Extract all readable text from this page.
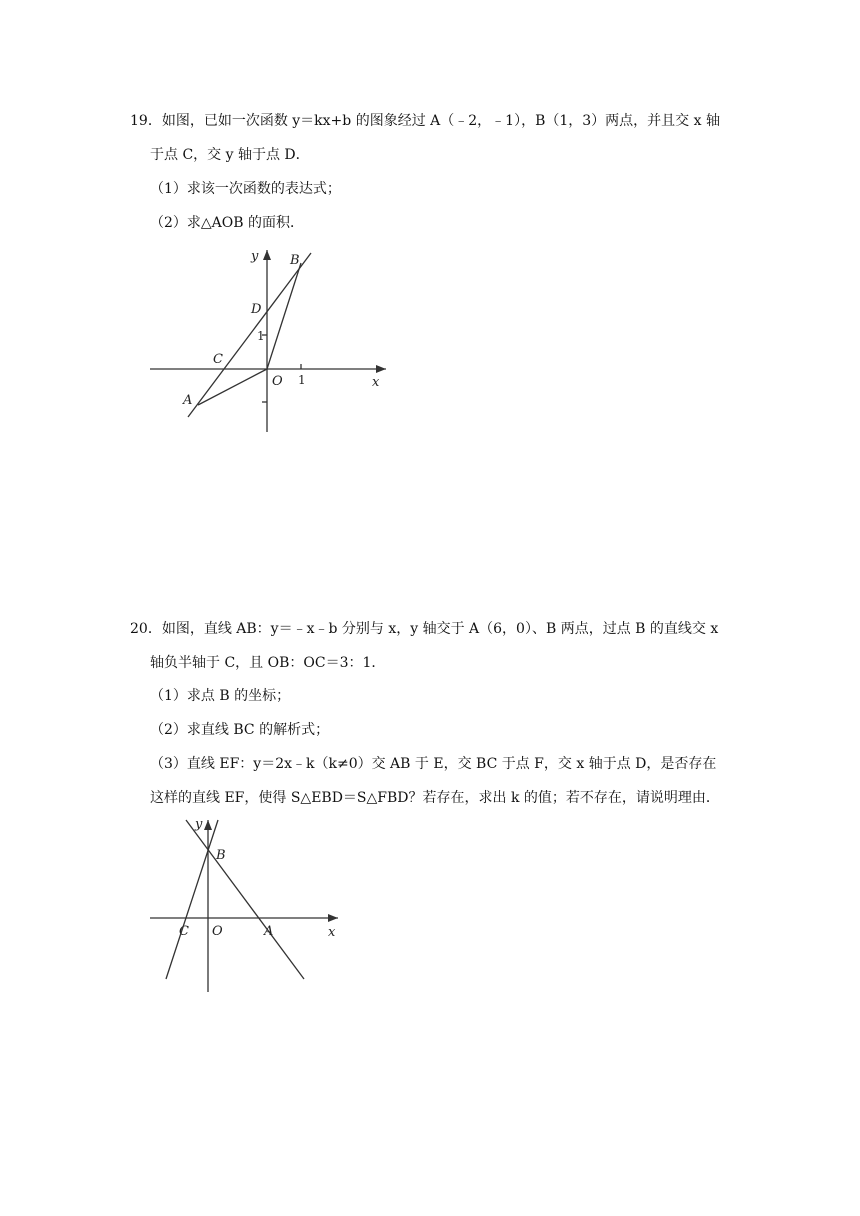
19．如图，已如一次函数 y＝kx+b 的图象经过 A（﹣2，﹣1），B（1，3）两点，并且交 x 轴
于点 C，交 y 轴于点 D．
（1）求该一次函数的表达式；
（2）求△AOB 的面积．
y B
D
1
C
O 1	x
A
20．如图，直线 AB：y＝﹣x﹣b 分别与 x，y 轴交于 A（6，0）、B 两点，过点 B 的直线交 x
轴负半轴于 C，且 OB：OC＝3：1．
（1）求点 B 的坐标；
（2）求直线 BC 的解析式；
（3）直线 EF：y＝2x﹣k（k≠0）交 AB 于 E，交 BC 于点 F，交 x 轴于点 D，是否存在
这样的直线 EF，使得 S△EBD＝S△FBD？若存在，求出 k 的值；若不存在，请说明理由．
y
B
C O	A	x
